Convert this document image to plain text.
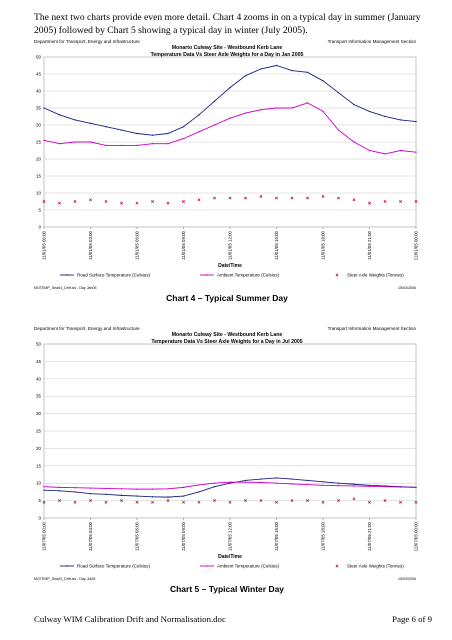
The next two charts provide even more detail. Chart 4 zooms in on a typical day in summer (January 2005) followed by Chart 5 showing a typical day in winter (July 2005).
Department for Transport, Energy and Infrastructure	Transport Information Management Section
Monarto Culway Site - Westbound Kerb Lane
Temperature Data Vs Steer Axle Weights for a Day in Jan 2005
0
5
10
15
20
25
30
35
40
45
50
11/01/05 00:00	11/01/05 03:00	11/01/05 06:00	11/01/05 09:00	11/01/05 12:00	11/01/05 15:00	11/01/05 18:00	11/01/05 21:00	12/01/05 00:00
Date/Time
Road Surface Temperature (Celsius)	Ambient Temperature (Celsius)	Steer Axle Weights (Tonnes)
MOTEMP_Sea04_Drift.xls - Day Jan05	15/03/2006
Chart 4 – Typical Summer Day
Department for Transport, Energy and Infrastructure	Transport Information Management Section
Monarto Culway Site - Westbound Kerb Lane
Temperature Data Vs Steer Axle Weights for a Day in Jul 2005
0
5
10
15
20
25
30
35
40
45
50
11/07/05 00:00	11/07/05 03:00	11/07/05 06:00	11/07/05 09:00	11/07/05 12:00	11/07/05 15:00	11/07/05 18:00	11/07/05 21:00	12/07/05 00:00
Date/Time
Road Surface Temperature (Celsius)	Ambient Temperature (Celsius)	Steer Axle Weights (Tonnes)
MOTEMP_Sea04_Drift.xls - Day Jul05	15/03/2006
Chart 5 – Typical Winter Day
Culway WIM Calibration Drift and Normalisation.doc	Page 6 of 9
